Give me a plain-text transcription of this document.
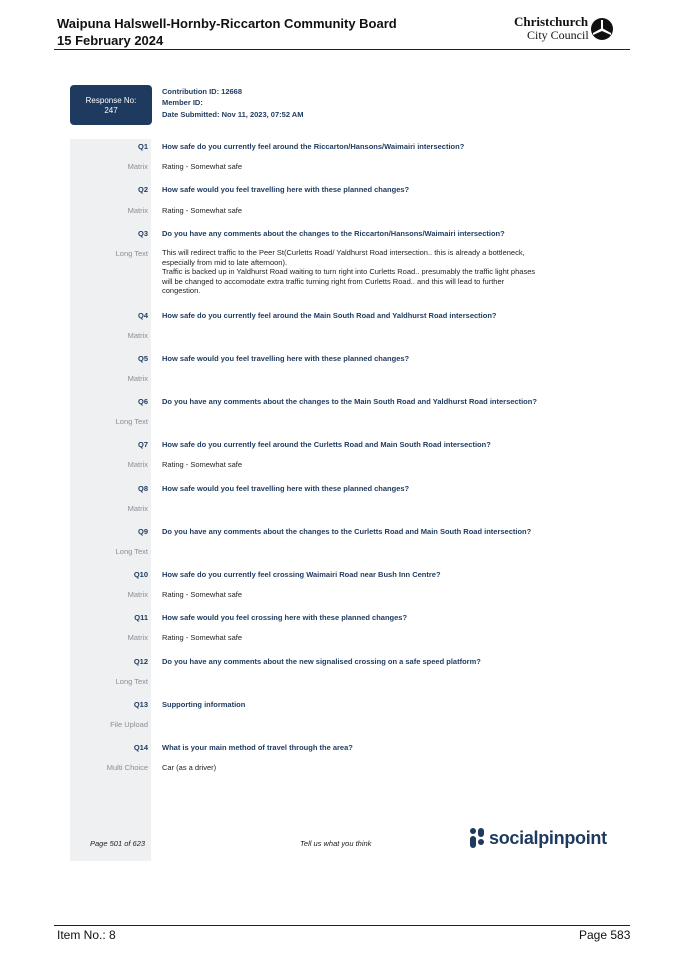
Waipuna Halswell-Hornby-Riccarton Community Board
15 February 2024
Christchurch
City Council
Response No:
247
Contribution ID: 12668
Member ID:
Date Submitted: Nov 11, 2023, 07:52 AM
Q1 How safe do you currently feel around the Riccarton/Hansons/Waimairi intersection?
Matrix Rating - Somewhat safe
Q2 How safe would you feel travelling here with these planned changes?
Matrix Rating - Somewhat safe
Q3 Do you have any comments about the changes to the Riccarton/Hansons/Waimairi intersection?
Long Text This will redirect traffic to the Peer St(Curletts Road/ Yaldhurst Road intersection.. this is already a bottleneck,
especially from mid to late afternoon).
Traffic is backed up in Yaldhurst Road waiting to turn right into Curletts Road.. presumably the traffic light phases
will be changed to accomodate extra traffic turning right from Curletts Road.. and this will lead to further
congestion.
Q4 How safe do you currently feel around the Main South Road and Yaldhurst Road intersection?
Matrix
Q5 How safe would you feel travelling here with these planned changes?
Matrix
Q6 Do you have any comments about the changes to the Main South Road and Yaldhurst Road intersection?
Long Text
Q7 How safe do you currently feel around the Curletts Road and Main South Road intersection?
Matrix Rating - Somewhat safe
Q8 How safe would you feel travelling here with these planned changes?
Matrix
Q9 Do you have any comments about the changes to the Curletts Road and Main South Road intersection?
Long Text
Q10 How safe do you currently feel crossing Waimairi Road near Bush Inn Centre?
Matrix Rating - Somewhat safe
Q11 How safe would you feel crossing here with these planned changes?
Matrix Rating - Somewhat safe
Q12 Do you have any comments about the new signalised crossing on a safe speed platform?
Long Text
Q13 Supporting information
File Upload
Q14 What is your main method of travel through the area?
Multi Choice Car (as a driver)
Page 501 of 623	Tell us what you think	socialpinpoint
Item No.: 8	Page 583
